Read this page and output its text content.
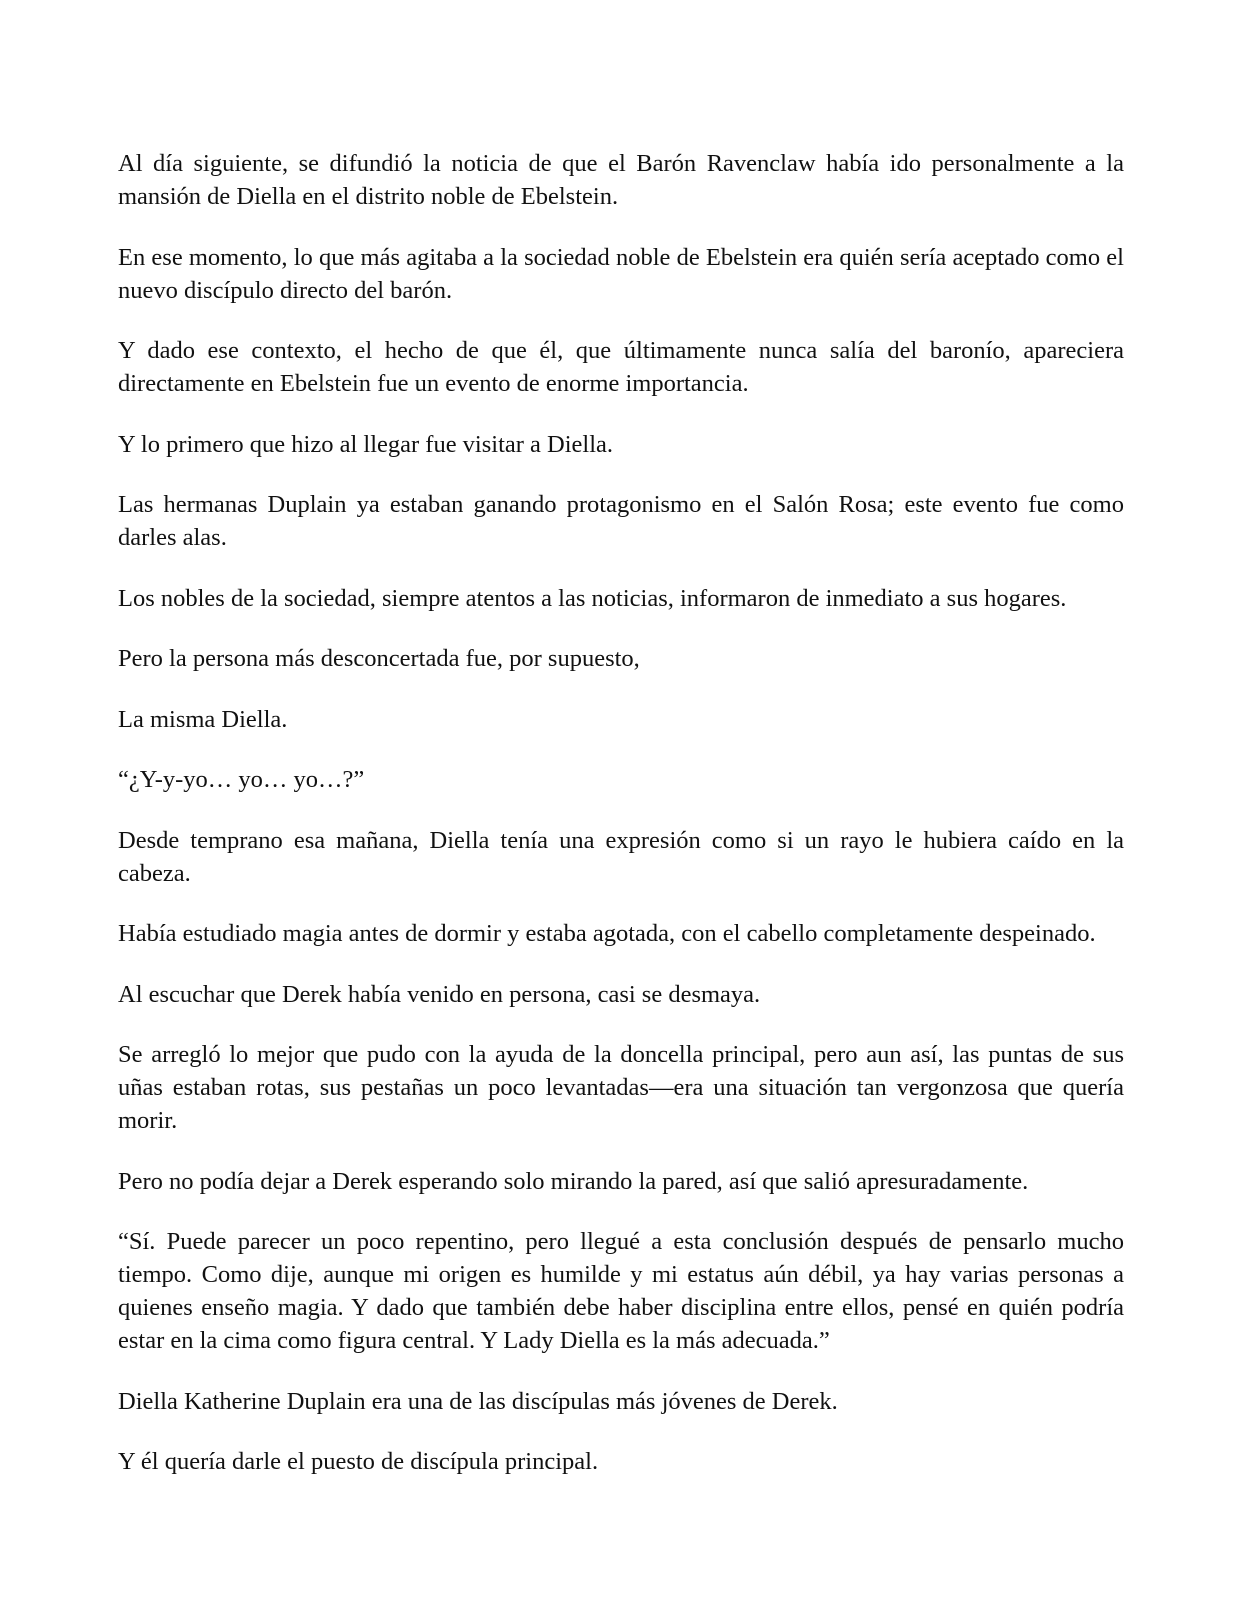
Al día siguiente, se difundió la noticia de que el Barón Ravenclaw había ido personalmente a la mansión de Diella en el distrito noble de Ebelstein.

En ese momento, lo que más agitaba a la sociedad noble de Ebelstein era quién sería aceptado como el nuevo discípulo directo del barón.

Y dado ese contexto, el hecho de que él, que últimamente nunca salía del baronío, apareciera directamente en Ebelstein fue un evento de enorme importancia.

Y lo primero que hizo al llegar fue visitar a Diella.

Las hermanas Duplain ya estaban ganando protagonismo en el Salón Rosa; este evento fue como darles alas.

Los nobles de la sociedad, siempre atentos a las noticias, informaron de inmediato a sus hogares.

Pero la persona más desconcertada fue, por supuesto,

La misma Diella.

“¿Y-y-yo… yo… yo…?”

Desde temprano esa mañana, Diella tenía una expresión como si un rayo le hubiera caído en la cabeza.

Había estudiado magia antes de dormir y estaba agotada, con el cabello completamente despeinado.

Al escuchar que Derek había venido en persona, casi se desmaya.

Se arregló lo mejor que pudo con la ayuda de la doncella principal, pero aun así, las puntas de sus uñas estaban rotas, sus pestañas un poco levantadas—era una situación tan vergonzosa que quería morir.

Pero no podía dejar a Derek esperando solo mirando la pared, así que salió apresuradamente.

“Sí. Puede parecer un poco repentino, pero llegué a esta conclusión después de pensarlo mucho tiempo. Como dije, aunque mi origen es humilde y mi estatus aún débil, ya hay varias personas a quienes enseño magia. Y dado que también debe haber disciplina entre ellos, pensé en quién podría estar en la cima como figura central. Y Lady Diella es la más adecuada.”

Diella Katherine Duplain era una de las discípulas más jóvenes de Derek.

Y él quería darle el puesto de discípula principal.
